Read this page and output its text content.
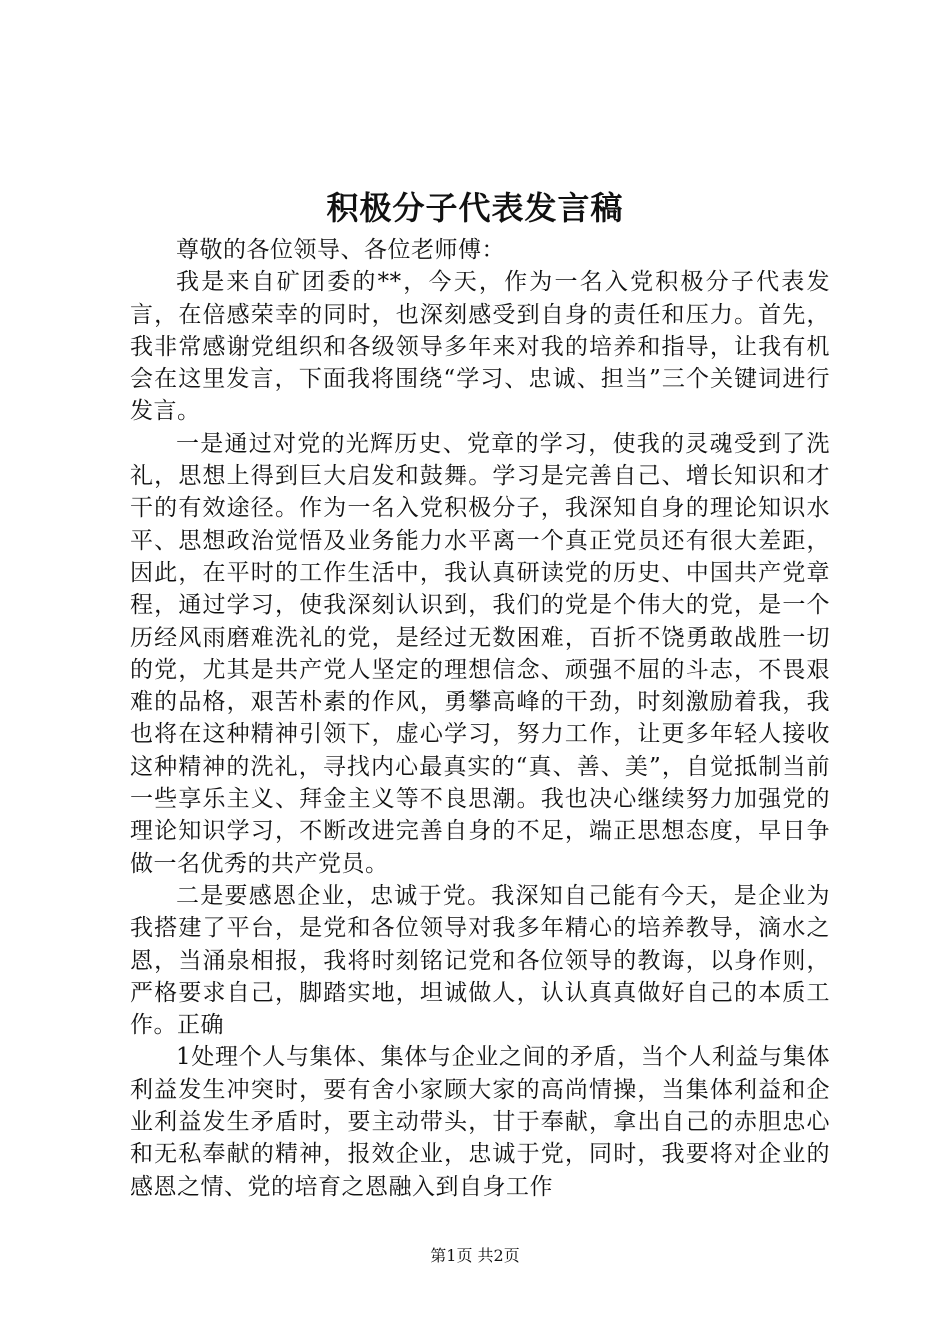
积极分子代表发言稿

尊敬的各位领导、各位老师傅：

我是来自矿团委的**，今天，作为一名入党积极分子代表发言，在倍感荣幸的同时，也深刻感受到自身的责任和压力。首先，我非常感谢党组织和各级领导多年来对我的培养和指导，让我有机会在这里发言，下面我将围绕“学习、忠诚、担当”三个关键词进行发言。

一是通过对党的光辉历史、党章的学习，使我的灵魂受到了洗礼，思想上得到巨大启发和鼓舞。学习是完善自己、增长知识和才干的有效途径。作为一名入党积极分子，我深知自身的理论知识水平、思想政治觉悟及业务能力水平离一个真正党员还有很大差距，因此，在平时的工作生活中，我认真研读党的历史、中国共产党章程，通过学习，使我深刻认识到，我们的党是个伟大的党，是一个历经风雨磨难洗礼的党，是经过无数困难，百折不饶勇敢战胜一切的党，尤其是共产党人坚定的理想信念、顽强不屈的斗志，不畏艰难的品格，艰苦朴素的作风，勇攀高峰的干劲，时刻激励着我，我也将在这种精神引领下，虚心学习，努力工作，让更多年轻人接收这种精神的洗礼，寻找内心最真实的“真、善、美”，自觉抵制当前一些享乐主义、拜金主义等不良思潮。我也决心继续努力加强党的理论知识学习，不断改进完善自身的不足，端正思想态度，早日争做一名优秀的共产党员。

二是要感恩企业，忠诚于党。我深知自己能有今天，是企业为我搭建了平台，是党和各位领导对我多年精心的培养教导，滴水之恩，当涌泉相报，我将时刻铭记党和各位领导的教诲，以身作则，严格要求自己，脚踏实地，坦诚做人，认认真真做好自己的本质工作。正确

1处理个人与集体、集体与企业之间的矛盾，当个人利益与集体利益发生冲突时，要有舍小家顾大家的高尚情操，当集体利益和企业利益发生矛盾时，要主动带头，甘于奉献，拿出自己的赤胆忠心和无私奉献的精神，报效企业，忠诚于党，同时，我要将对企业的感恩之情、党的培育之恩融入到自身工作

第1页 共2页
